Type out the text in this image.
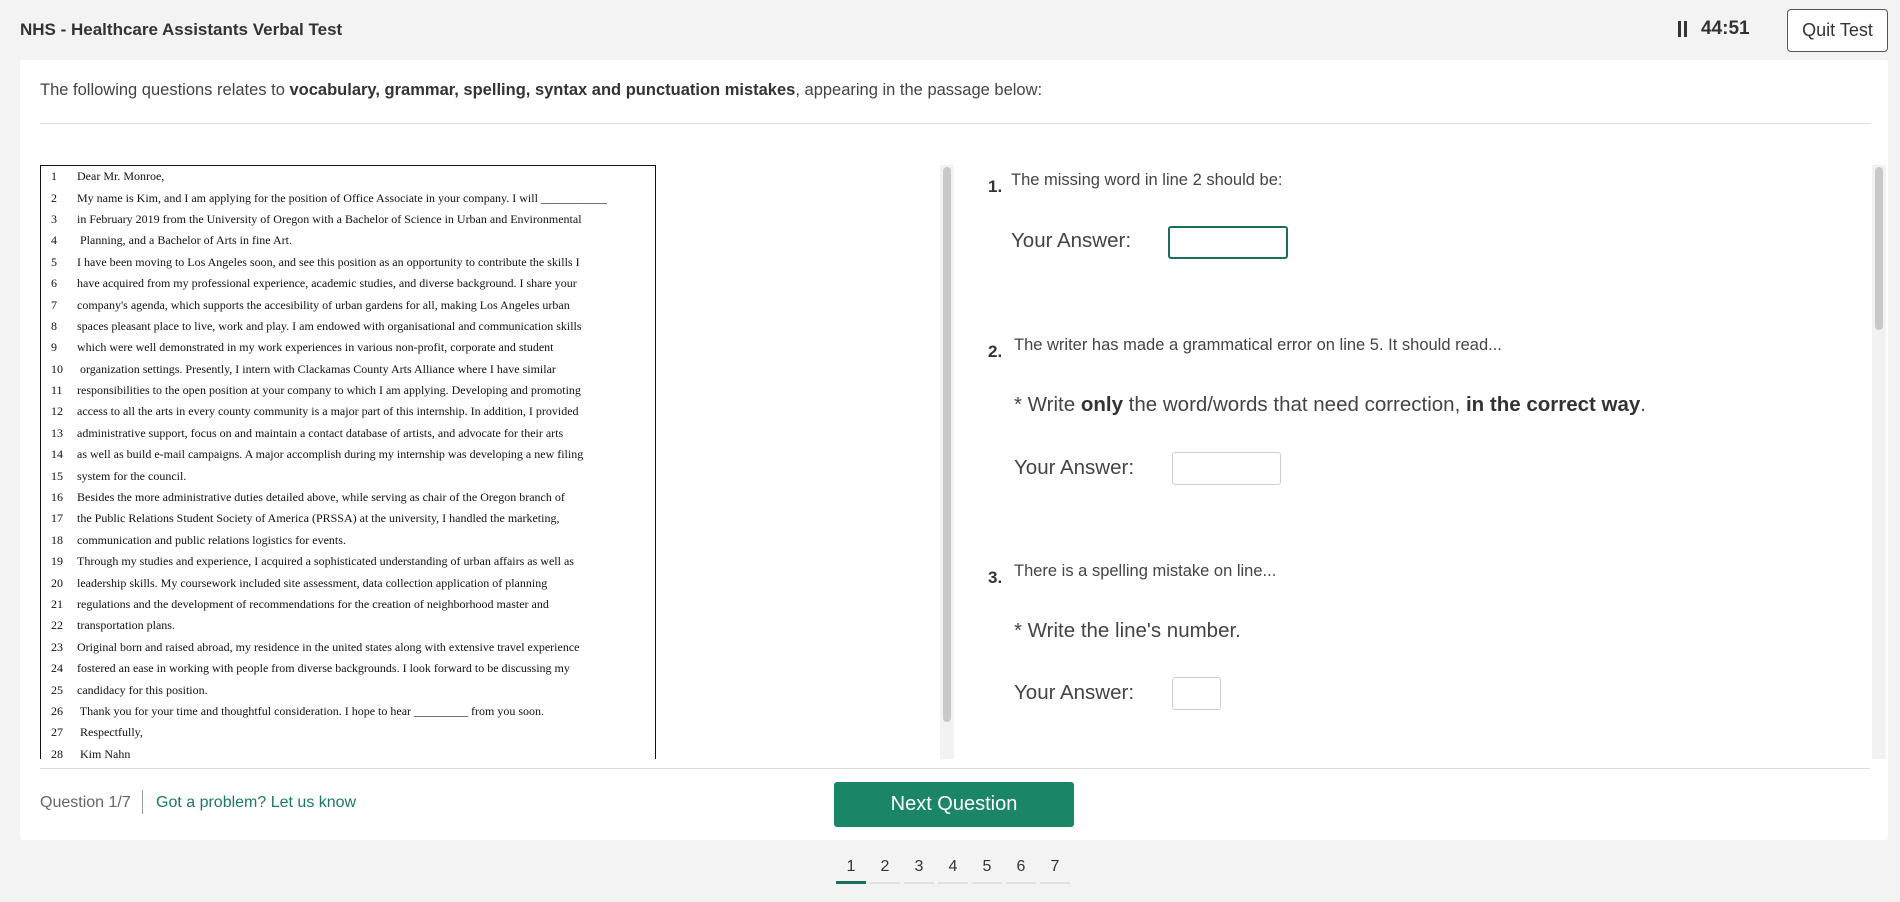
NHS - Healthcare Assistants Verbal Test	44:51	Quit Test
The following questions relates to vocabulary, grammar, spelling, syntax and punctuation mistakes, appearing in the passage below:
1	Dear Mr. Monroe,
2	My name is Kim, and I am applying for the position of Office Associate in your company. I will ___________
3	in February 2019 from the University of Oregon with a Bachelor of Science in Urban and Environmental
4	Planning, and a Bachelor of Arts in fine Art.
5	I have been moving to Los Angeles soon, and see this position as an opportunity to contribute the skills I
6	have acquired from my professional experience, academic studies, and diverse background. I share your
7	company's agenda, which supports the accesibility of urban gardens for all, making Los Angeles urban
8	spaces pleasant place to live, work and play. I am endowed with organisational and communication skills
9	which were well demonstrated in my work experiences in various non-profit, corporate and student
10	organization settings. Presently, I intern with Clackamas County Arts Alliance where I have similar
11	responsibilities to the open position at your company to which I am applying. Developing and promoting
12	access to all the arts in every county community is a major part of this internship. In addition, I provided
13	administrative support, focus on and maintain a contact database of artists, and advocate for their arts
14	as well as build e-mail campaigns. A major accomplish during my internship was developing a new filing
15	system for the council.
16	Besides the more administrative duties detailed above, while serving as chair of the Oregon branch of
17	the Public Relations Student Society of America (PRSSA) at the university, I handled the marketing,
18	communication and public relations logistics for events.
19	Through my studies and experience, I acquired a sophisticated understanding of urban affairs as well as
20	leadership skills. My coursework included site assessment, data collection application of planning
21	regulations and the development of recommendations for the creation of neighborhood master and
22	transportation plans.
23	Original born and raised abroad, my residence in the united states along with extensive travel experience
24	fostered an ease in working with people from diverse backgrounds. I look forward to be discussing my
25	candidacy for this position.
26	Thank you for your time and thoughtful consideration. I hope to hear _________ from you soon.
27	Respectfully,
28	Kim Nahn
1. The missing word in line 2 should be:
Your Answer:
2. The writer has made a grammatical error on line 5. It should read...
* Write only the word/words that need correction, in the correct way.
Your Answer:
3. There is a spelling mistake on line...
* Write the line's number.
Your Answer:
Question 1/7 Got a problem? Let us know	Next Question
1	2	3	4	5	6	7
